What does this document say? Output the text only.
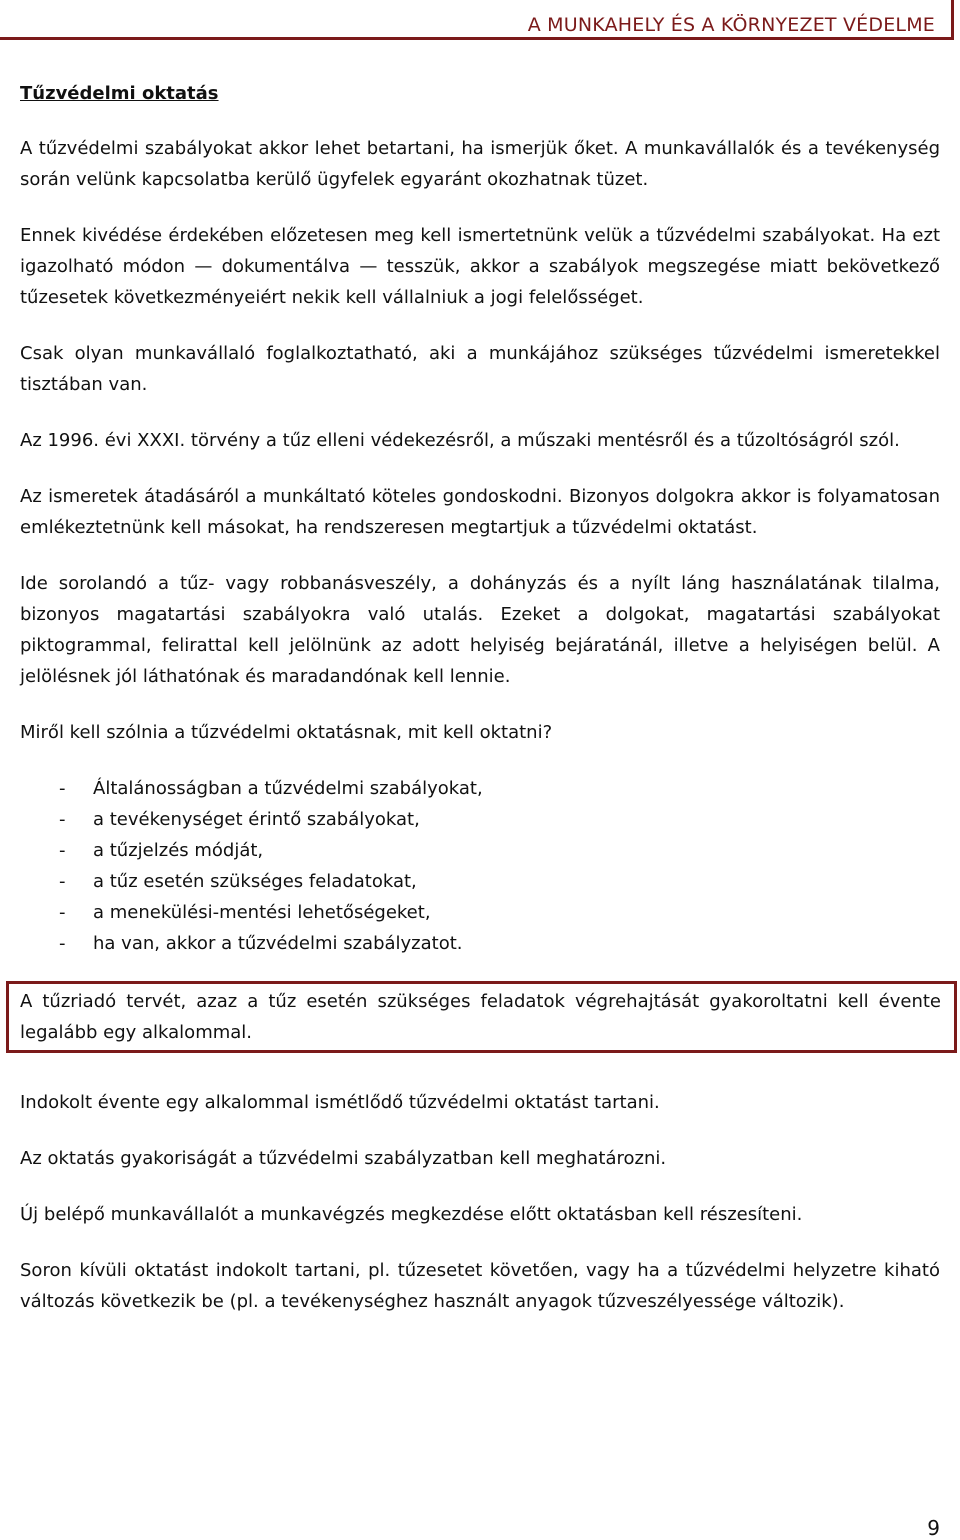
A MUNKAHELY ÉS A KÖRNYEZET VÉDELME
Tűzvédelmi oktatás

A tűzvédelmi szabályokat akkor lehet betartani, ha ismerjük őket. A munkavállalók és a tevékenység során velünk kapcsolatba kerülő ügyfelek egyaránt okozhatnak tüzet.

Ennek kivédése érdekében előzetesen meg kell ismertetnünk velük a tűzvédelmi szabályokat. Ha ezt igazolható módon — dokumentálva — tesszük, akkor a szabályok megszegése miatt bekövetkező tűzesetek következményeiért nekik kell vállalniuk a jogi felelősséget.

Csak olyan munkavállaló foglalkoztatható, aki a munkájához szükséges tűzvédelmi ismeretekkel tisztában van.

Az 1996. évi XXXI. törvény a tűz elleni védekezésről, a műszaki mentésről és a tűzoltóságról szól.

Az ismeretek átadásáról a munkáltató köteles gondoskodni. Bizonyos dolgokra akkor is folyamatosan emlékeztetnünk kell másokat, ha rendszeresen megtartjuk a tűzvédelmi oktatást.

Ide sorolandó a tűz- vagy robbanásveszély, a dohányzás és a nyílt láng használatának tilalma, bizonyos magatartási szabályokra való utalás. Ezeket a dolgokat, magatartási szabályokat piktogrammal, felirattal kell jelölnünk az adott helyiség bejáratánál, illetve a helyiségen belül. A jelölésnek jól láthatónak és maradandónak kell lennie.

Miről kell szólnia a tűzvédelmi oktatásnak, mit kell oktatni?

- Általánosságban a tűzvédelmi szabályokat,
- a tevékenységet érintő szabályokat,
- a tűzjelzés módját,
- a tűz esetén szükséges feladatokat,
- a menekülési-mentési lehetőségeket,
- ha van, akkor a tűzvédelmi szabályzatot.

A tűzriadó tervét, azaz a tűz esetén szükséges feladatok végrehajtását gyakoroltatni kell évente legalább egy alkalommal.

Indokolt évente egy alkalommal ismétlődő tűzvédelmi oktatást tartani.

Az oktatás gyakoriságát a tűzvédelmi szabályzatban kell meghatározni.

Új belépő munkavállalót a munkavégzés megkezdése előtt oktatásban kell részesíteni.

Soron kívüli oktatást indokolt tartani, pl. tűzesetet követően, vagy ha a tűzvédelmi helyzetre kiható változás következik be (pl. a tevékenységhez használt anyagok tűzveszélyessége változik).

9
